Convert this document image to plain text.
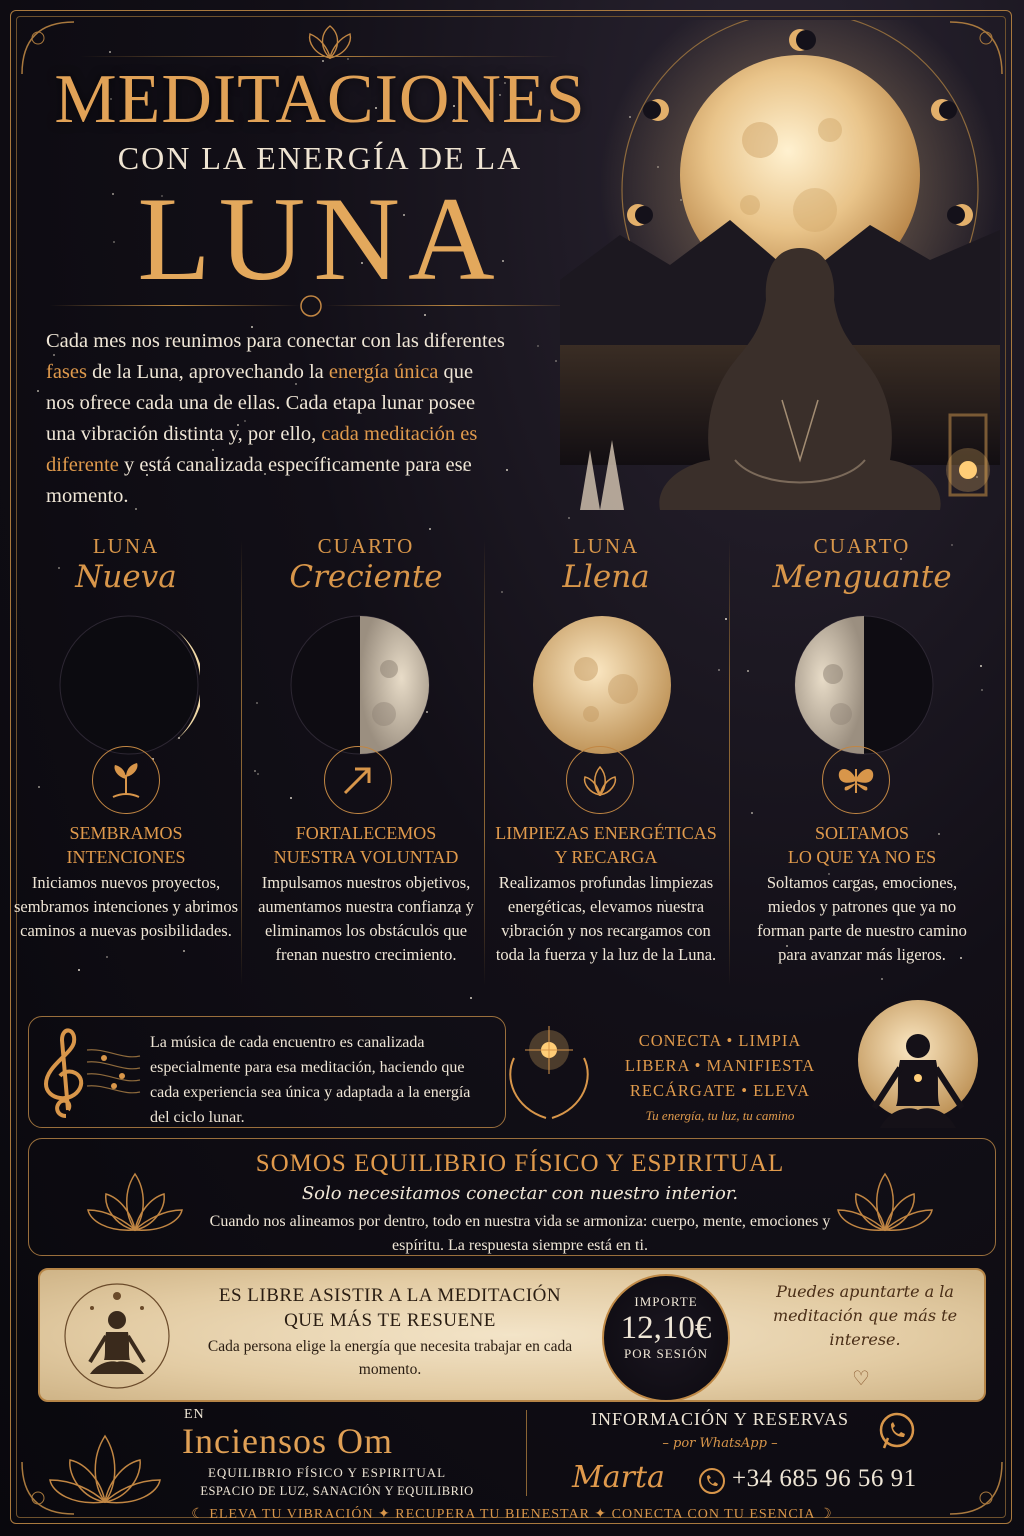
MEDITACIONES
CON LA ENERGÍA DE LA
LUNA
Cada mes nos reunimos para conectar con las diferentes fases de la Luna, aprovechando la energía única que nos ofrece cada una de ellas. Cada etapa lunar posee una vibración distinta y, por ello, cada meditación es diferente y está canalizada específicamente para ese momento.
LUNA
Nueva
CUARTO
Creciente
LUNA
Llena
CUARTO
Menguante
SEMBRAMOS
INTENCIONES
Iniciamos nuevos proyectos, sembramos intenciones y abrimos caminos a nuevas posibilidades.
FORTALECEMOS
NUESTRA VOLUNTAD
Impulsamos nuestros objetivos, aumentamos nuestra confianza y eliminamos los obstáculos que frenan nuestro crecimiento.
LIMPIEZAS ENERGÉTICAS
Y RECARGA
Realizamos profundas limpiezas energéticas, elevamos nuestra vibración y nos recargamos con toda la fuerza y la luz de la Luna.
SOLTAMOS
LO QUE YA NO ES
Soltamos cargas, emociones, miedos y patrones que ya no forman parte de nuestro camino para avanzar más ligeros.
La música de cada encuentro es canalizada especialmente para esa meditación, haciendo que cada experiencia sea única y adaptada a la energía del ciclo lunar.
CONECTA • LIMPIA
LIBERA • MANIFIESTA
RECÁRGATE • ELEVA
Tu energía, tu luz, tu camino
SOMOS EQUILIBRIO FÍSICO Y ESPIRITUAL
Solo necesitamos conectar con nuestro interior.
Cuando nos alineamos por dentro, todo en nuestra vida se armoniza: cuerpo, mente, emociones y espíritu. La respuesta siempre está en ti.
ES LIBRE ASISTIR A LA MEDITACIÓN
QUE MÁS TE RESUENE
Cada persona elige la energía que necesita trabajar en cada momento.
IMPORTE
12,10€
POR SESIÓN
Puedes apuntarte a la meditación que más te interese.
♡
EN
Inciensos Om
EQUILIBRIO FÍSICO Y ESPIRITUAL
ESPACIO DE LUZ, SANACIÓN Y EQUILIBRIO
INFORMACIÓN Y RESERVAS
– por WhatsApp –
Marta	+34 685 96 56 91
☾ ELEVA TU VIBRACIÓN ✦ RECUPERA TU BIENESTAR ✦ CONECTA CON TU ESENCIA ☽
